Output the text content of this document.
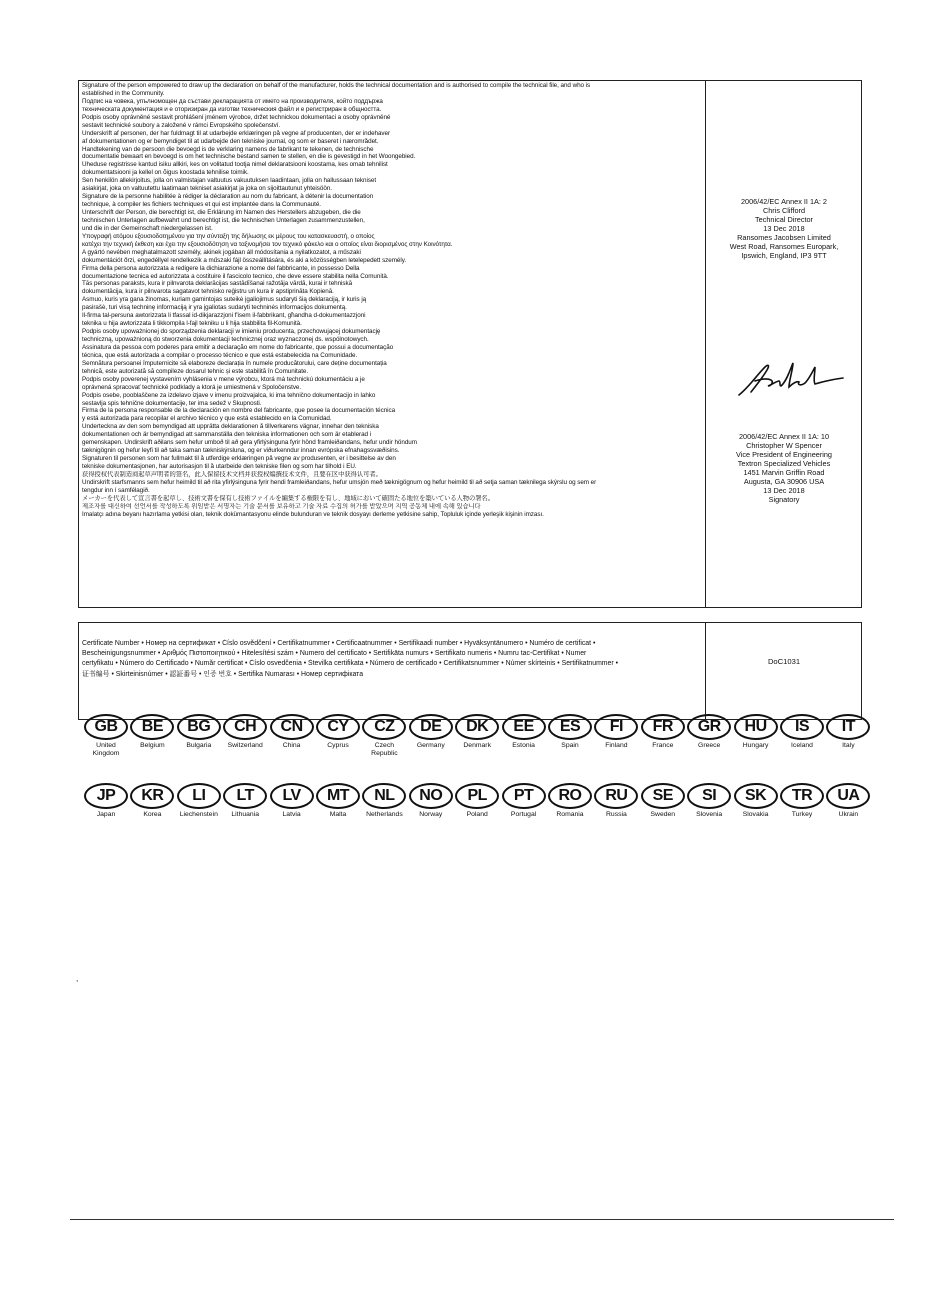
Signature of the person empowered to draw up the declaration on behalf of the manufacturer, holds the technical documentation and is authorised to compile the technical file, and who is
established in the Community.
Подпис на човека, упълномощен да състави декларацията от името на производителя, който поддържа
техническата документация и е оторизиран да изготви техническия файл и е регистриран в общността.
Podpis osoby oprávněné sestavit prohlášení jménem výrobce, držet technickou dokumentaci a osoby oprávněné
sestavit technické soubory a založené v rámci Evropského společenství.
Underskrift af personen, der har fuldmagt til at udarbejde erklæringen på vegne af producenten, der er indehaver
af dokumentationen og er bemyndiget til at udarbejde den tekniske journal, og som er baseret i nærområdet.
Handtekening van de persoon die bevoegd is de verklaring namens de fabrikant te tekenen, de technische
documentatie bewaart en bevoegd is om het technische bestand samen te stellen, en die is gevestigd in het Woongebied.
Üheduse registrisse kantud isiku allkiri, kes on volitatud tootja nimel deklaratsiooni koostama, kes omab tehnilist
dokumentatsiooni ja kellel on õigus koostada tehnilise toimik.
Sen henkilön allekirjoitus, jolla on valmistajan valtuutus vakuutuksen laadintaan, jolla on hallussaan tekniset
asiakirjat, joka on valtuutettu laatimaan tekniset asiakirjat ja joka on sijoittautunut yhteisöön.
Signature de la personne habilitée à rédiger la déclaration au nom du fabricant, à détenir la documentation
technique, à compiler les fichiers techniques et qui est implantée dans la Communauté.
Unterschrift der Person, die berechtigt ist, die Erklärung im Namen des Herstellers abzugeben, die die
technischen Unterlagen aufbewahrt und berechtigt ist, die technischen Unterlagen zusammenzustellen,
und die in der Gemeinschaft niedergelassen ist.
Υπογραφή ατόμου εξουσιοδοτημένου για την σύνταξη της δήλωσης εκ μέρους του κατασκευαστή, ο οποίος
κατέχει την τεχνική έκθεση και έχει την εξουσιοδότηση να ταξινομήσει τον τεχνικό φάκελο και ο οποίος είναι διορισμένος στην Κοινότητα.
A gyártó nevében meghatalmazott személy, akinek jogában áll módosítania a nyilatkozatot, a műszaki
dokumentációt őrzi, engedéllyel rendelkezik a műszaki fájl összeállítására, és aki a közösségben letelepedett személy.
Firma della persona autorizzata a redigere la dichiarazione a nome del fabbricante, in possesso Della
documentazione tecnica ed autorizzata a costituire il fascicolo tecnico, che deve essere stabilita nella Comunità.
Tās personas paraksts, kura ir pilnvarota deklarācijas sastādīšanai ražotāja vārdā, kurai ir tehniskā
dokumentācija, kura ir pilnvarota sagatavot tehnisko reģistru un kura ir apstiprināta Kopienā.
Asmuo, kuris yra gana žinomas, kuriam gamintojas suteikė įgaliojimus sudaryti šią deklaraciją, ir kuris ją
pasirašė, turi visą techninę informaciją ir yra įgaliotas sudaryti techninės informacijos dokumentą.
Il-firma tal-persuna awtorizzata li tfassal id-dikjarazzjoni f'isem il-fabbrikant, għandha d-dokumentazzjoni
teknika u hija awtorizzata li tikkompila l-fajl tekniku u li hija stabbilita fil-Komunità.
Podpis osoby upoważnionej do sporządzenia deklaracji w imieniu producenta, przechowującej dokumentację
techniczną, upoważnioną do stworzenia dokumentacji technicznej oraz wyznaczonej ds. wspólnotowych.
Assinatura da pessoa com poderes para emitir a declaração em nome do fabricante, que possui a documentação
técnica, que está autorizada a compilar o processo técnico e que está estabelecida na Comunidade.
Semnătura persoanei împuternicite să elaboreze declarația în numele producătorului, care deține documentația
tehnică, este autorizată să compileze dosarul tehnic și este stabilită în Comunitate.
Podpis osoby poverenej vystavením vyhlásenia v mene výrobcu, ktorá má technickú dokumentáciu a je
oprávnená spracovať technické podklady a ktorá je umiestnená v Spoločenstve.
Podpis osebe, pooblaščene za izdelavo izjave v imenu proizvajalca, ki ima tehnično dokumentacijo in lahko
sestavlja spis tehnične dokumentacije, ter ima sedež v Skupnosti.
Firma de la persona responsable de la declaración en nombre del fabricante, que posee la documentación técnica
y está autorizada para recopilar el archivo técnico y que está establecido en la Comunidad.
Underteckna av den som bemyndigad att upprätta deklarationen å tillverkarens vägnar, innehar den tekniska
dokumentationen och är bemyndigad att sammanställa den tekniska informationen och som är etablerad i
gemenskapen. Undirskrift aðilans sem hefur umboð til að gera yfirlýsinguna fyrir hönd framleiðandans, hefur undir höndum
tæknigögnin og hefur leyfi til að taka saman tækniskýrsluna, og er viðurkenndur innan evrópska efnahagssvæðisins.
Signaturen til personen som har fullmakt til å utferdige erklæringen på vegne av produsenten, er i besittelse av den
tekniske dokumentasjonen, har autorisasjon til å utarbeide den tekniske filen og som har tilhold i EU.
获得授权代表制造商起草声明者的签名，此人保留技术文档并获授权编撰技术文件，且要在区中获得认可者。
Undirskrift starfsmanns sem hefur heimild til að rita yfirlýsinguna fyrir hendi framleiðandans, hefur umsjón með tæknigögnum og hefur heimild til að setja saman tæknilega skýrslu og sem er
tengdur inn í samfélagið.
メーカーを代表して宣言書を起草し、技術文書を保有し技術ファイルを編集する権限を有し、地域において確固たる地位を築いている人物の署名。
제조자를 대신하여 선언서를 작성하도록 위임받은 서명자는 기술 문서를 보유하고 기술 자료 수집의 허가를 받았으며 지역 공동체 내에 속해 있습니다
İmalatçı adına beyanı hazırlama yetkisi olan, teknik dokümantasyonu elinde bulunduran ve teknik dosyayı derleme yetkisine sahip, Topluluk içinde yerleşik kişinin imzası.
2006/42/EC Annex II 1A: 2
Chris Clifford
Technical Director
13 Dec 2018
Ransomes Jacobsen Limited
West Road, Ransomes Europark,
Ipswich, England, IP3 9TT
2006/42/EC Annex II 1A: 10
Christopher W Spencer
Vice President of Engineering
Textron Specialized Vehicles
1451 Marvin Griffin Road
Augusta, GA 30906 USA
13 Dec 2018
Signatory
Certificate Number • Номер на сертификат • Číslo osvědčení • Certifikatnummer • Certificaatnummer • Sertifikaadi number • Hyväksyntänumero • Numéro de certificat •
Bescheinigungsnummer • Αριθμός Πιστοποιητικού • Hitelesítési szám • Numero del certificato • Sertifikāta numurs • Sertifikato numeris • Numru tac-Ċertifikat • Numer
certyfikatu • Número do Certificado • Număr certificat • Číslo osvedčenia • Številka certifikata • Número de certificado • Certifikatsnummer • Númer skírteinis • Sertifikatnummer •
证书编号 • Skirteinisnúmer • 認証番号 • 인증 번호 • Sertifika Numarası • Номер сертифіката
DoC1031
GB
United
Kingdom
BE
Belgium
BG
Bulgaria
CH
Switzerland
CN
China
CY
Cyprus
CZ
Czech
Republic
DE
Germany
DK
Denmark
EE
Estonia
ES
Spain
FI
Finland
FR
France
GR
Greece
HU
Hungary
IS
Iceland
IT
Italy
JP
Japan
KR
Korea
LI
Liechenstein
LT
Lithuania
LV
Latvia
MT
Malta
NL
Netherlands
NO
Norway
PL
Poland
PT
Portugal
RO
Romania
RU
Russia
SE
Sweden
SI
Slovenia
SK
Slovakia
TR
Turkey
UA
Ukrain
,
